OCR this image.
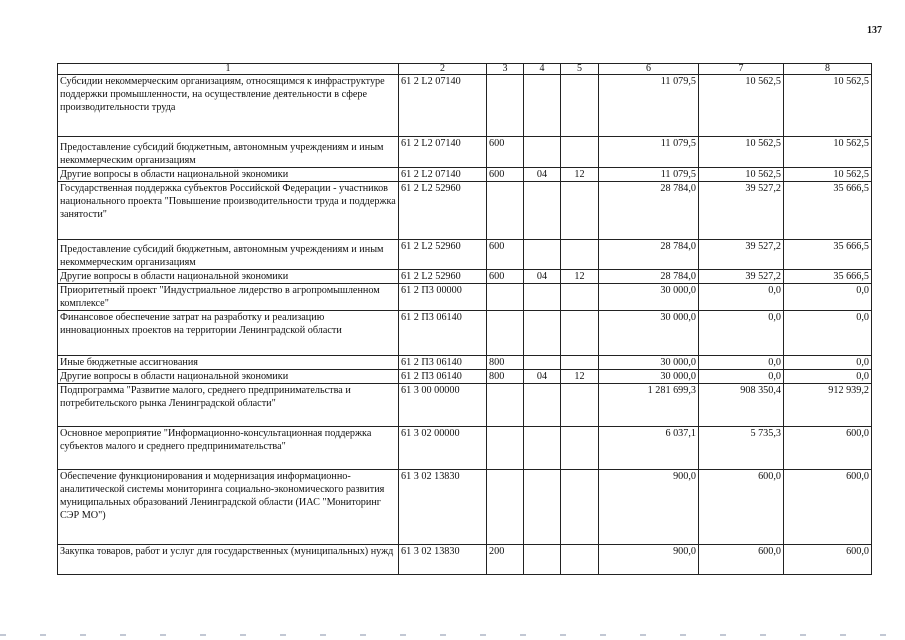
137
1	2	3	4	5	6	7	8
Субсидии некоммерческим организациям, относящимся к инфраструктуре поддержки промышленности, на осуществление деятельности в сфере производительности труда	61 2 L2 07140				11 079,5	10 562,5	10 562,5
Предоставление субсидий бюджетным, автономным учреждениям и иным некоммерческим организациям	61 2 L2 07140	600			11 079,5	10 562,5	10 562,5
Другие вопросы в области национальной экономики	61 2 L2 07140	600	04	12	11 079,5	10 562,5	10 562,5
Государственная поддержка субъектов Российской Федерации - участников национального проекта "Повышение производительности труда и поддержка занятости"	61 2 L2 52960				28 784,0	39 527,2	35 666,5
Предоставление субсидий бюджетным, автономным учреждениям и иным некоммерческим организациям	61 2 L2 52960	600			28 784,0	39 527,2	35 666,5
Другие вопросы в области национальной экономики	61 2 L2 52960	600	04	12	28 784,0	39 527,2	35 666,5
Приоритетный проект "Индустриальное лидерство в агропромышленном комплексе"	61 2 П3 00000				30 000,0	0,0	0,0
Финансовое обеспечение затрат на разработку и реализацию инновационных проектов на территории Ленинградской области	61 2 П3 06140				30 000,0	0,0	0,0
Иные бюджетные ассигнования	61 2 П3 06140	800			30 000,0	0,0	0,0
Другие вопросы в области национальной экономики	61 2 П3 06140	800	04	12	30 000,0	0,0	0,0
Подпрограмма "Развитие малого, среднего предпринимательства и потребительского рынка Ленинградской области"	61 3 00 00000				1 281 699,3	908 350,4	912 939,2
Основное мероприятие "Информационно-консультационная поддержка субъектов малого и среднего предпринимательства"	61 3 02 00000				6 037,1	5 735,3	600,0
Обеспечение функционирования и модернизация информационно-аналитической системы мониторинга социально-экономического развития муниципальных образований Ленинградской области (ИАС "Мониторинг СЭР МО")	61 3 02 13830				900,0	600,0	600,0
Закупка товаров, работ и услуг для государственных (муниципальных) нужд	61 3 02 13830	200			900,0	600,0	600,0
